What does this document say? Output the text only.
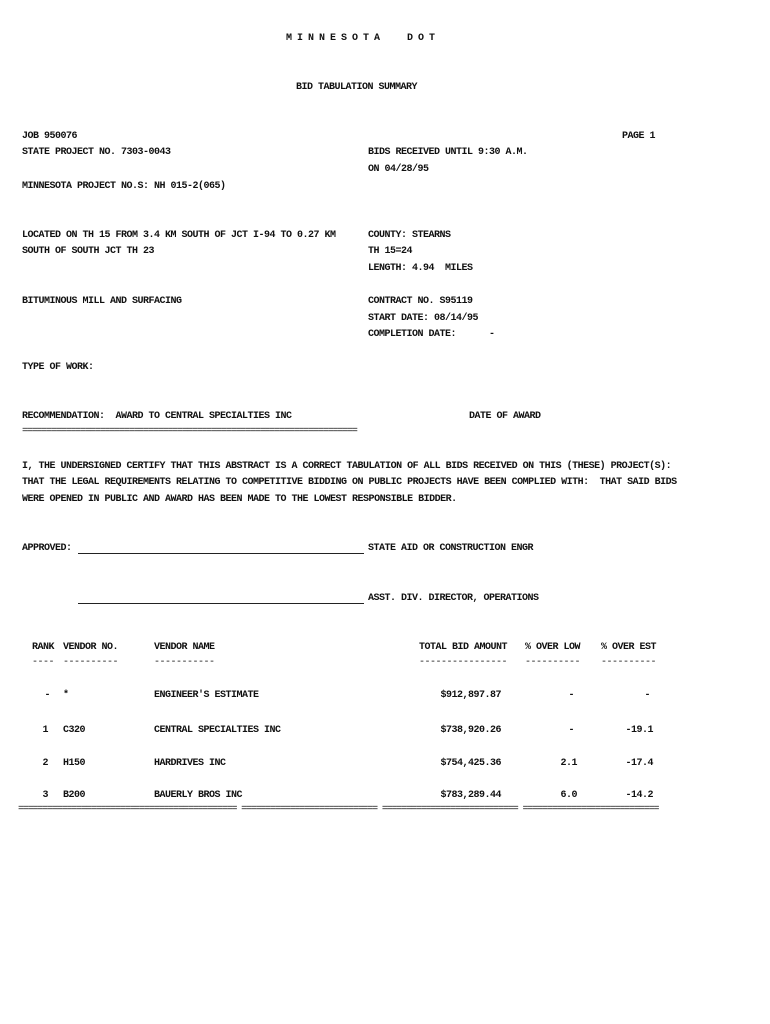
M I N N E S O T A     D O T
BID TABULATION SUMMARY
JOB 950076	PAGE 1
STATE PROJECT NO. 7303-0043	BIDS RECEIVED UNTIL 9:30 A.M.
ON 04/28/95
MINNESOTA PROJECT NO.S: NH 015-2(065)
LOCATED ON TH 15 FROM 3.4 KM SOUTH OF JCT I-94 TO 0.27 KM
SOUTH OF SOUTH JCT TH 23
COUNTY: STEARNS
TH 15=24
LENGTH: 4.94  MILES
BITUMINOUS MILL AND SURFACING	CONTRACT NO. S95119
START DATE: 08/14/95
COMPLETION DATE:	-
TYPE OF WORK:
RECOMMENDATION:  AWARD TO CENTRAL SPECIALTIES INC	DATE OF AWARD
=====================================================================
I, THE UNDERSIGNED CERTIFY THAT THIS ABSTRACT IS A CORRECT TABULATION OF ALL BIDS RECEIVED ON THIS (THESE) PROJECT(S):
THAT THE LEGAL REQUIREMENTS RELATING TO COMPETITIVE BIDDING ON PUBLIC PROJECTS HAVE BEEN COMPLIED WITH:  THAT SAID BIDS
WERE OPENED IN PUBLIC AND AWARD HAS BEEN MADE TO THE LOWEST RESPONSIBLE BIDDER.
APPROVED:	STATE AID OR CONSTRUCTION ENGR
ASST. DIV. DIRECTOR, OPERATIONS
RANK VENDOR NO.	VENDOR NAME	TOTAL BID AMOUNT % OVER LOW % OVER EST
---- ----------	-----------	---------------- ---------- ----------
- *	ENGINEER'S ESTIMATE	$912,897.87	-	-
1 C320	CENTRAL SPECIALTIES INC	$738,920.26	-	-19.1
2 H150	HARDRIVES INC	$754,425.36	2.1	-17.4
3 B200	BAUERLY BROS INC	$783,289.44	6.0	-14.2
============================================= ============================ ============================ ============================
